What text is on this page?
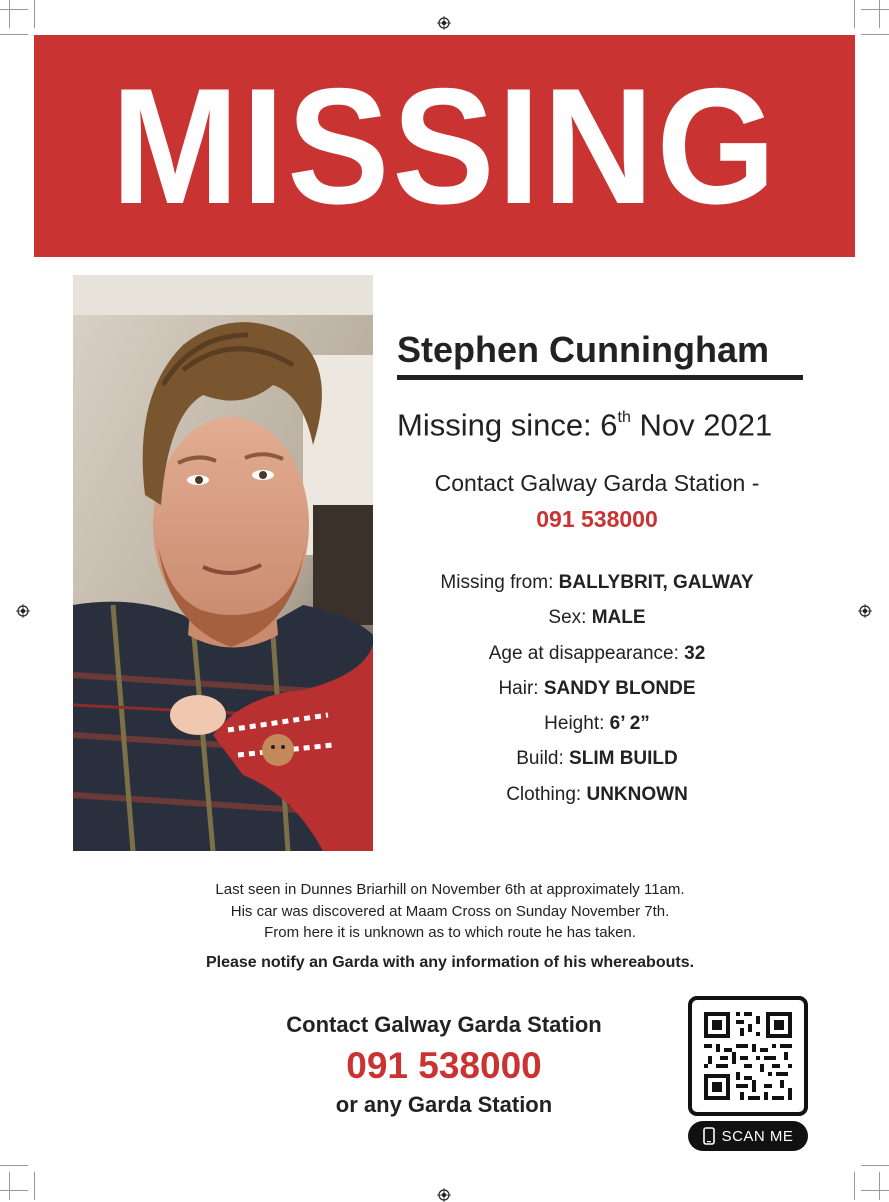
MISSING
Stephen Cunningham
Missing since: 6th Nov 2021
Contact Galway Garda Station -
091 538000
Missing from: BALLYBRIT, GALWAY
Sex: MALE
Age at disappearance: 32
Hair: SANDY BLONDE
Height: 6’ 2”
Build: SLIM BUILD
Clothing: UNKNOWN
Last seen in Dunnes Briarhill on November 6th at approximately 11am.
His car was discovered at Maam Cross on Sunday November 7th.
From here it is unknown as to which route he has taken.
Please notify an Garda with any information of his whereabouts.
Contact Galway Garda Station
091 538000
or any Garda Station
SCAN ME
